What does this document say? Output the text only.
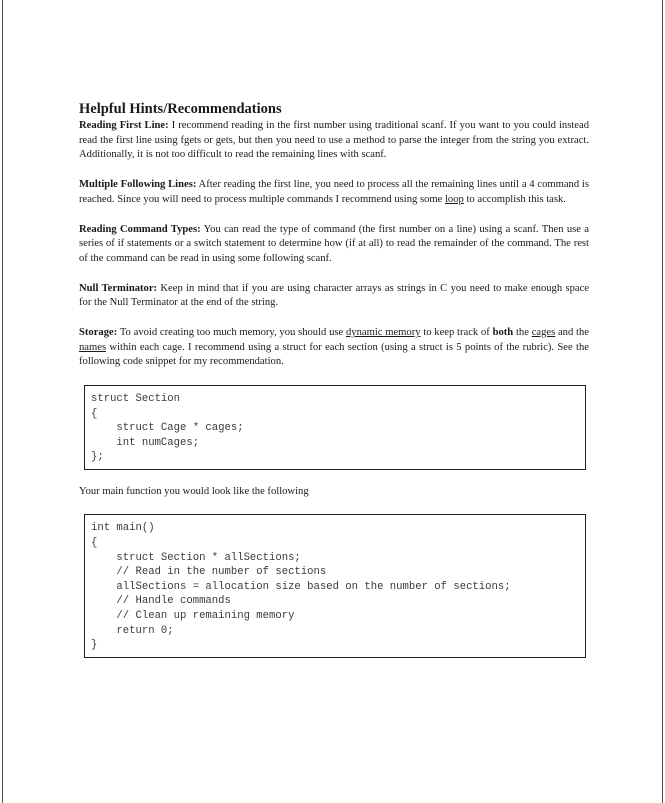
Helpful Hints/Recommendations

Reading First Line: I recommend reading in the first number using traditional scanf. If you want to you could instead read the first line using fgets or gets, but then you need to use a method to parse the integer from the string you extract. Additionally, it is not too difficult to read the remaining lines with scanf.

Multiple Following Lines: After reading the first line, you need to process all the remaining lines until a 4 command is reached. Since you will need to process multiple commands I recommend using some loop to accomplish this task.

Reading Command Types: You can read the type of command (the first number on a line) using a scanf. Then use a series of if statements or a switch statement to determine how (if at all) to read the remainder of the command. The rest of the command can be read in using some following scanf.

Null Terminator: Keep in mind that if you are using character arrays as strings in C you need to make enough space for the Null Terminator at the end of the string.

Storage: To avoid creating too much memory, you should use dynamic memory to keep track of both the cages and the names within each cage. I recommend using a struct for each section (using a struct is 5 points of the rubric). See the following code snippet for my recommendation.

struct Section
{
struct Cage * cages;
int numCages;
};

Your main function you would look like the following

int main()
{
struct Section * allSections;
// Read in the number of sections
allSections = allocation size based on the number of sections;
// Handle commands
// Clean up remaining memory
return 0;
}
